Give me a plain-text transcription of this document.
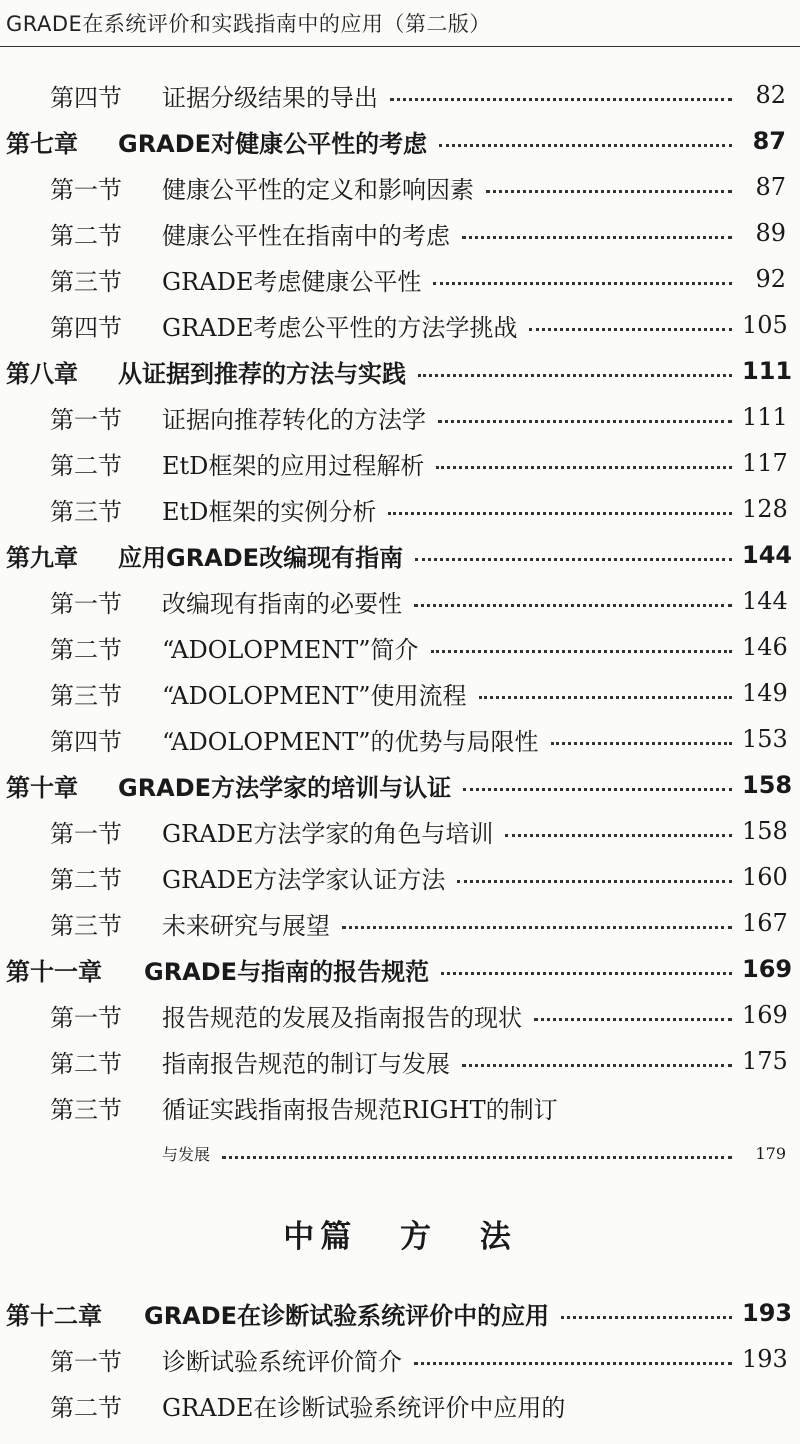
GRADE在系统评价和实践指南中的应用（第二版）
第四节	证据分级结果的导出	82
第七章	GRADE对健康公平性的考虑	87
第一节	健康公平性的定义和影响因素	87
第二节	健康公平性在指南中的考虑	89
第三节	GRADE考虑健康公平性	92
第四节	GRADE考虑公平性的方法学挑战	105
第八章	从证据到推荐的方法与实践	111
第一节	证据向推荐转化的方法学	111
第二节	EtD框架的应用过程解析	117
第三节	EtD框架的实例分析	128
第九章	应用GRADE改编现有指南	144
第一节	改编现有指南的必要性	144
第二节	“ADOLOPMENT”简介	146
第三节	“ADOLOPMENT”使用流程	149
第四节	“ADOLOPMENT”的优势与局限性	153
第十章	GRADE方法学家的培训与认证	158
第一节	GRADE方法学家的角色与培训	158
第二节	GRADE方法学家认证方法	160
第三节	未来研究与展望	167
第十一章	GRADE与指南的报告规范	169
第一节	报告规范的发展及指南报告的现状	169
第二节	指南报告规范的制订与发展	175
第三节	循证实践指南报告规范RIGHT的制订
与发展	179
中篇 方 法
第十二章	GRADE在诊断试验系统评价中的应用	193
第一节	诊断试验系统评价简介	193
第二节	GRADE在诊断试验系统评价中应用的
